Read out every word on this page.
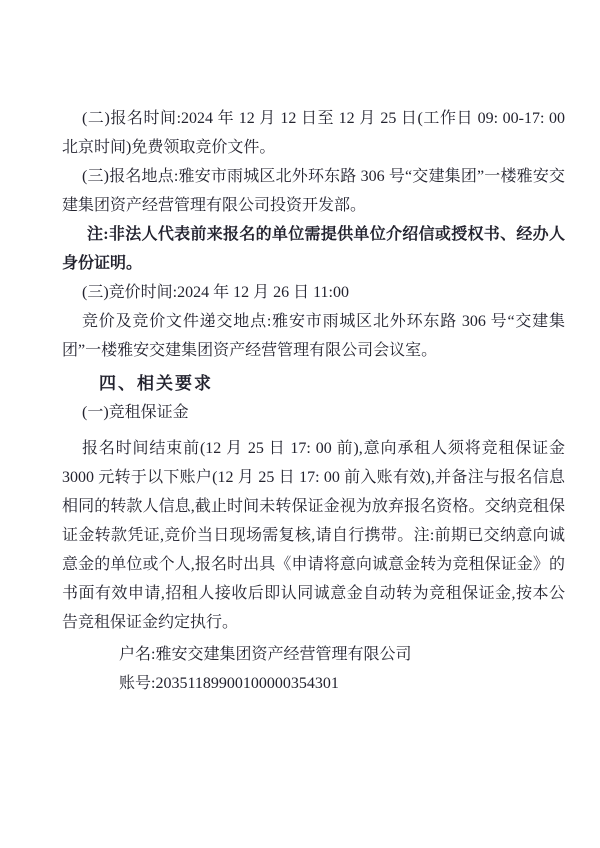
(二)报名时间:2024 年 12 月 12 日至 12 月 25 日(工作日 09: 00-17: 00 北京时间)免费领取竞价文件。

(三)报名地点:雅安市雨城区北外环东路 306 号“交建集团”一楼雅安交建集团资产经营管理有限公司投资开发部。

注:非法人代表前来报名的单位需提供单位介绍信或授权书、经办人身份证明。

(三)竞价时间:2024 年 12 月 26 日 11:00

竞价及竞价文件递交地点:雅安市雨城区北外环东路 306 号“交建集团”一楼雅安交建集团资产经营管理有限公司会议室。

四、相关要求

(一)竞租保证金

报名时间结束前(12 月 25 日 17: 00 前),意向承租人须将竞租保证金 3000 元转于以下账户(12 月 25 日 17: 00 前入账有效),并备注与报名信息相同的转款人信息,截止时间未转保证金视为放弃报名资格。交纳竞租保证金转款凭证,竞价当日现场需复核,请自行携带。注:前期已交纳意向诚意金的单位或个人,报名时出具《申请将意向诚意金转为竞租保证金》的书面有效申请,招租人接收后即认同诚意金自动转为竞租保证金,按本公告竞租保证金约定执行。

户名:雅安交建集团资产经营管理有限公司

账号:20351189900100000354301
